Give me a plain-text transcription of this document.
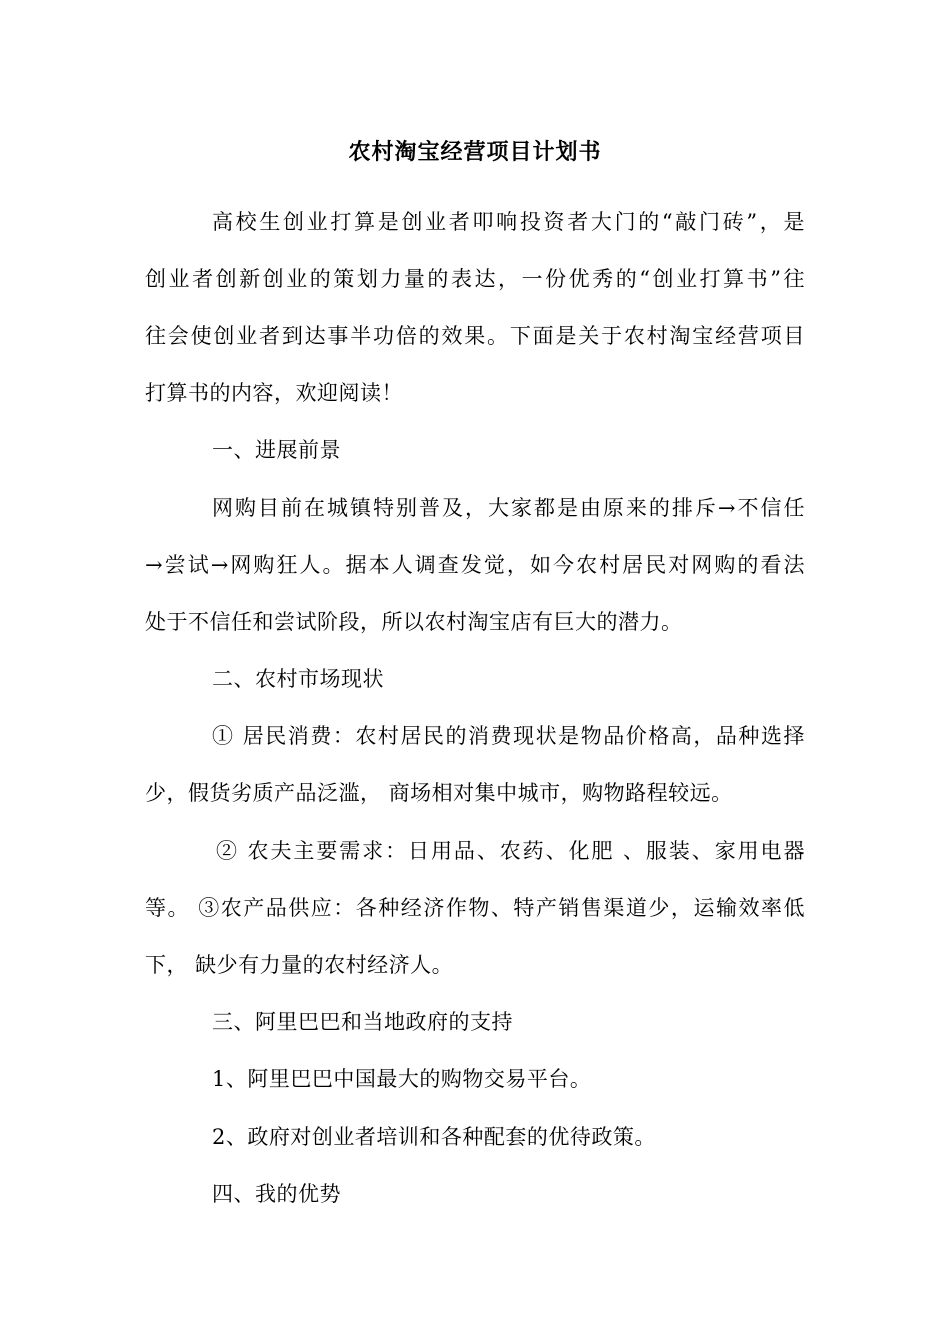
农村淘宝经营项目计划书
高校生创业打算是创业者叩响投资者大门的“敲门砖”，是
创业者创新创业的策划力量的表达，一份优秀的“创业打算书”往
往会使创业者到达事半功倍的效果。下面是关于农村淘宝经营项目
打算书的内容，欢迎阅读！
一、进展前景
网购目前在城镇特别普及，大家都是由原来的排斥→不信任
→尝试→网购狂人。据本人调查发觉，如今农村居民对网购的看法
处于不信任和尝试阶段，所以农村淘宝店有巨大的潜力。
二、农村市场现状
① 居民消费：农村居民的消费现状是物品价格高，品种选择
少，假货劣质产品泛滥， 商场相对集中城市，购物路程较远。
② 农夫主要需求：日用品、农药、化肥 、服装、家用电器
等。 ③农产品供应：各种经济作物、特产销售渠道少，运输效率低
下， 缺少有力量的农村经济人。
三、阿里巴巴和当地政府的支持
1、阿里巴巴中国最大的购物交易平台。
2、政府对创业者培训和各种配套的优待政策。
四、我的优势
